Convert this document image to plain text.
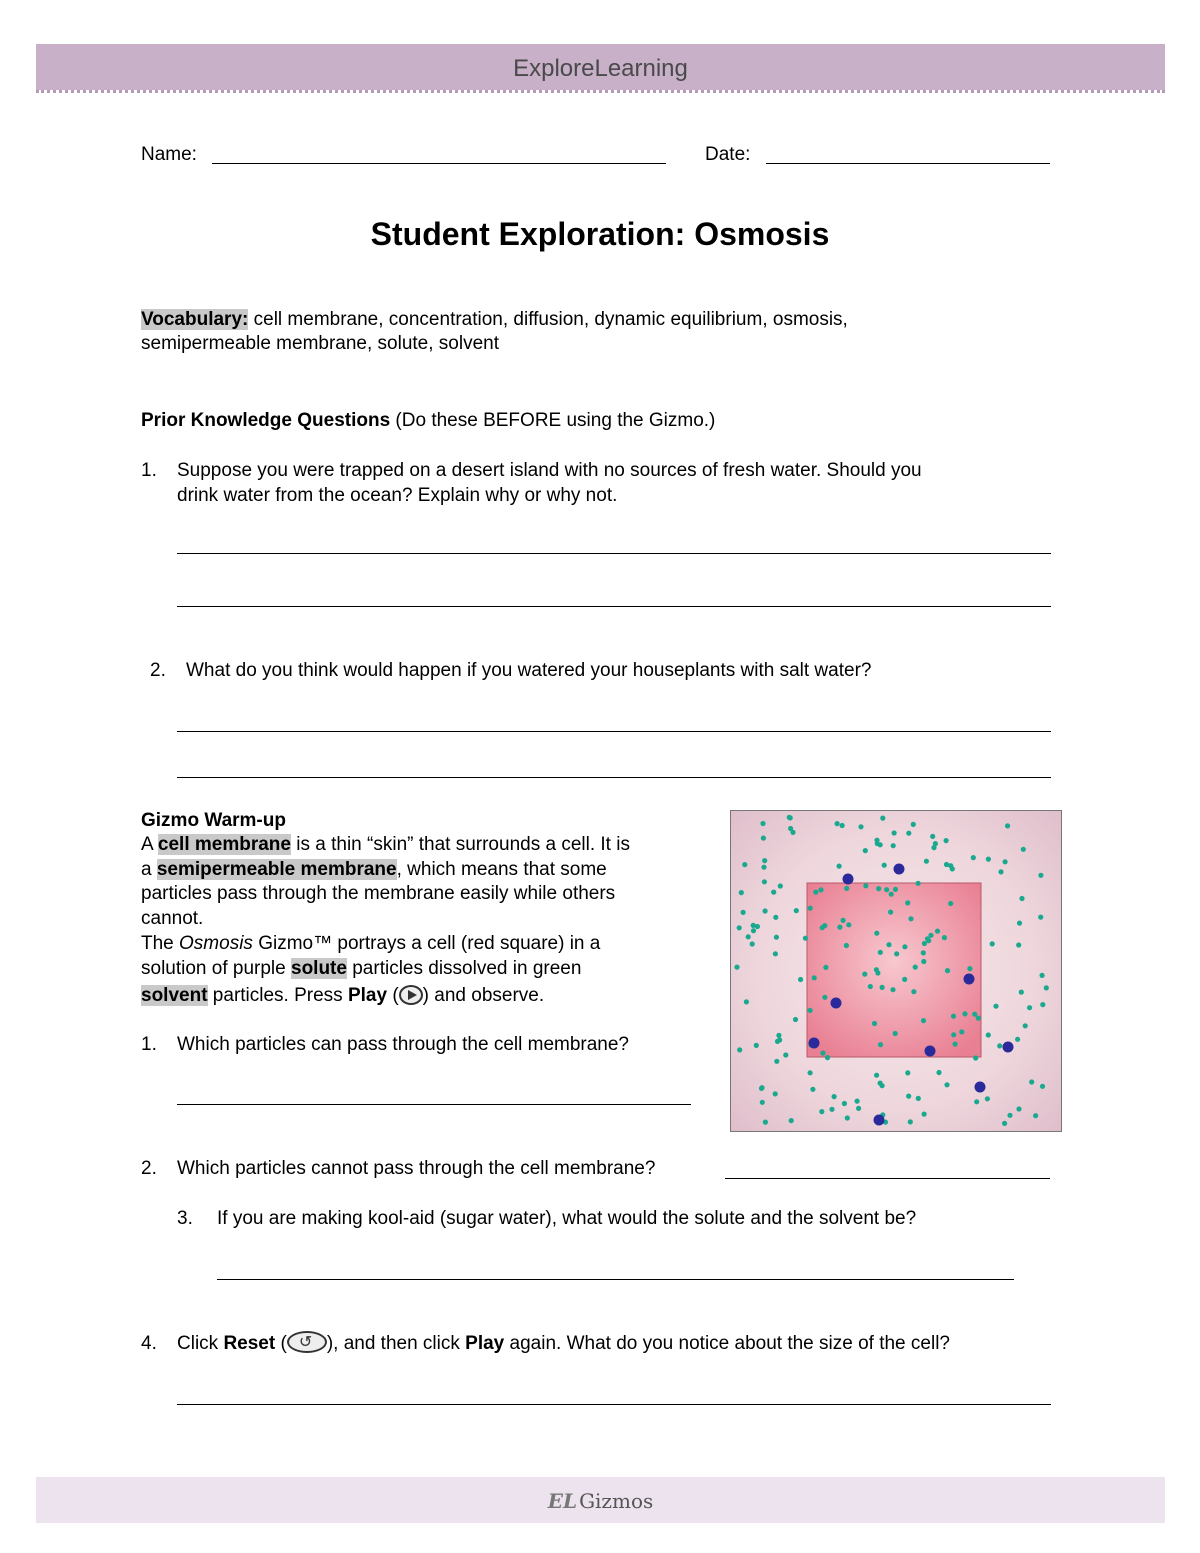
ExploreLearning
Name:	Date:
Student Exploration: Osmosis
Vocabulary: cell membrane, concentration, diffusion, dynamic equilibrium, osmosis,
semipermeable membrane, solute, solvent
Prior Knowledge Questions (Do these BEFORE using the Gizmo.)
1. Suppose you were trapped on a desert island with no sources of fresh water. Should you
drink water from the ocean? Explain why or why not.
2. What do you think would happen if you watered your houseplants with salt water?
Gizmo Warm-up
A cell membrane is a thin “skin” that surrounds a cell. It is
a semipermeable membrane, which means that some
particles pass through the membrane easily while others
cannot.
The Osmosis Gizmo™ portrays a cell (red square) in a
solution of purple solute particles dissolved in green
solvent particles. Press Play ( ) and observe.
1. Which particles can pass through the cell membrane?
2. Which particles cannot pass through the cell membrane?
3. If you are making kool-aid (sugar water), what would the solute and the solvent be?
4. Click Reset (↺ ), and then click Play again. What do you notice about the size of the cell?
EL Gizmos
